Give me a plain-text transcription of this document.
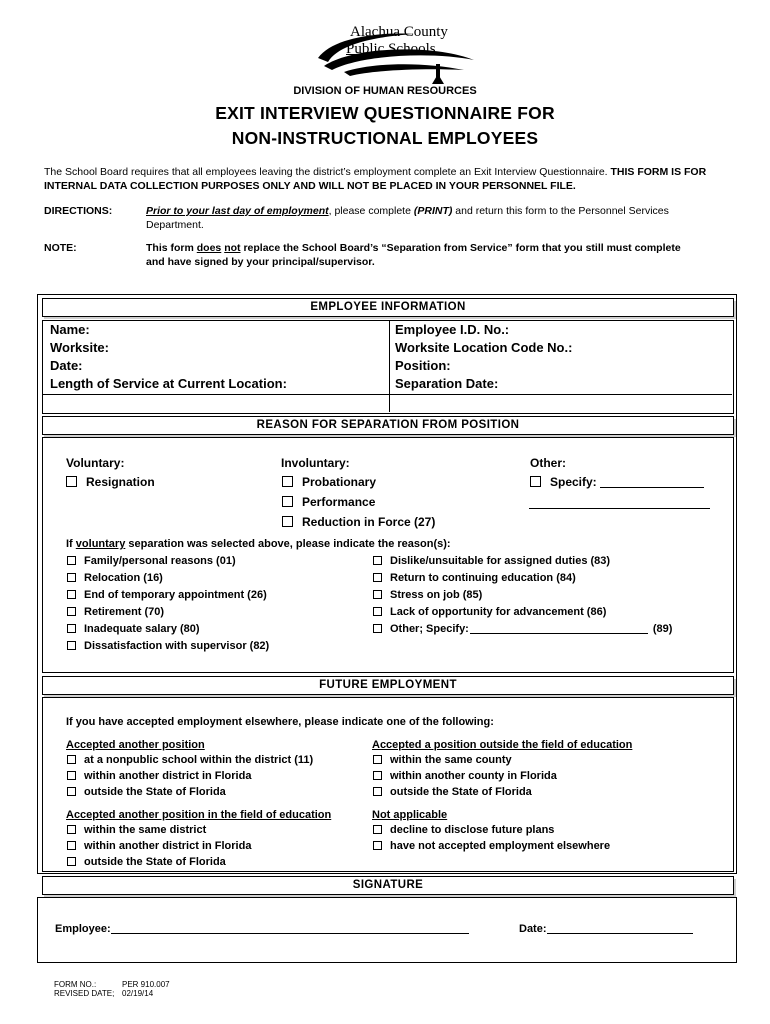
Alachua County
Public Schools
DIVISION OF HUMAN RESOURCES
EXIT INTERVIEW QUESTIONNAIRE FOR
NON-INSTRUCTIONAL EMPLOYEES
The School Board requires that all employees leaving the district’s employment complete an Exit Interview Questionnaire. THIS FORM IS FOR INTERNAL DATA COLLECTION PURPOSES ONLY AND WILL NOT BE PLACED IN YOUR PERSONNEL FILE.
DIRECTIONS:	Prior to your last day of employment, please complete (PRINT) and return this form to the Personnel Services
Department.
NOTE:	This form does not replace the School Board’s “Separation from Service” form that you still must complete
and have signed by your principal/supervisor.
EMPLOYEE INFORMATION
Name:
Worksite:
Date:
Length of Service at Current Location:
Employee I.D. No.:
Worksite Location Code No.:
Position:
Separation Date:
REASON FOR SEPARATION FROM POSITION
Voluntary:
Resignation
Involuntary:
Probationary
Performance
Reduction in Force (27)
Other:
Specify:
If voluntary separation was selected above, please indicate the reason(s):
Family/personal reasons (01)
Relocation (16)
End of temporary appointment (26)
Retirement (70)
Inadequate salary (80)
Dissatisfaction with supervisor (82)
Dislike/unsuitable for assigned duties (83)
Return to continuing education (84)
Stress on job (85)
Lack of opportunity for advancement (86)
Other; Specify:	(89)
FUTURE EMPLOYMENT
If you have accepted employment elsewhere, please indicate one of the following:
Accepted another position
at a nonpublic school within the district (11)
within another district in Florida
outside the State of Florida
Accepted a position outside the field of education
within the same county
within another county in Florida
outside the State of Florida
Accepted another position in the field of education
within the same district
within another district in Florida
outside the State of Florida
Not applicable
decline to disclose future plans
have not accepted employment elsewhere
SIGNATURE
Employee:	Date:
FORM NO.:	PER 910.007
REVISED DATE; 02/19/14
